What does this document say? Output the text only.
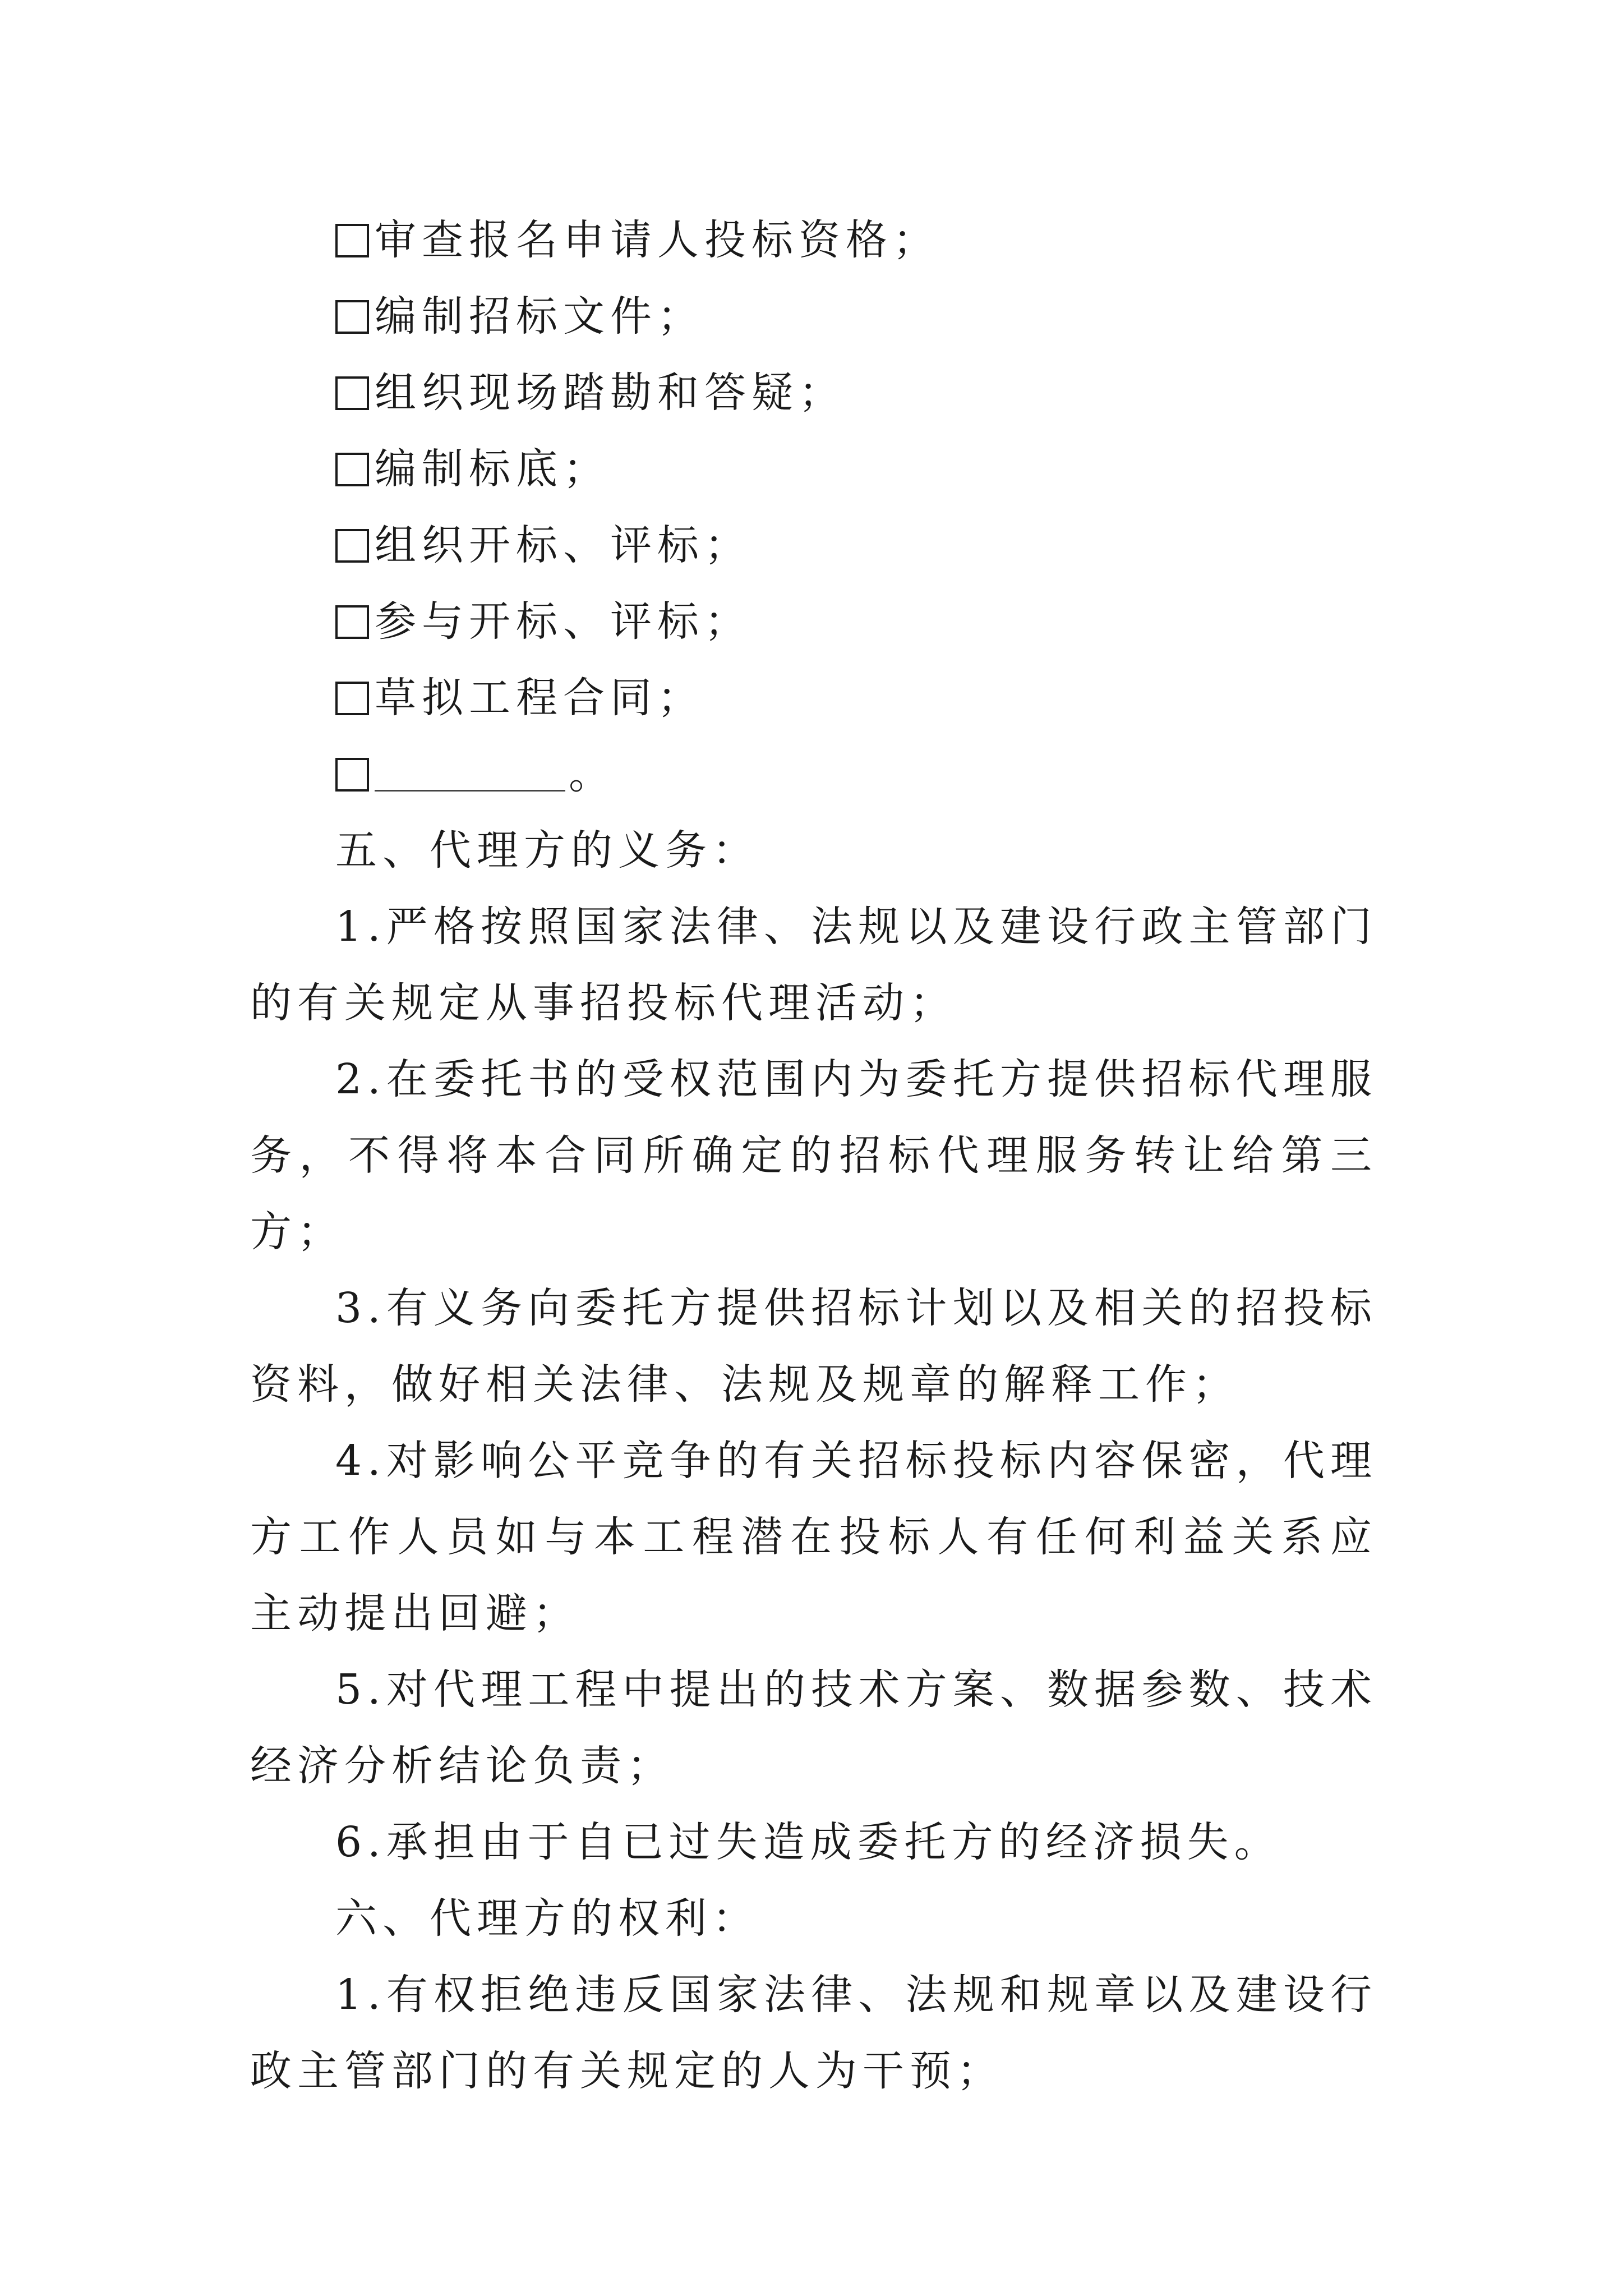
审查报名申请人投标资格；

编制招标文件；

组织现场踏勘和答疑；

编制标底；

组织开标、评标；

参与开标、评标；

草拟工程合同；

。

五、代理方的义务：

1.严格按照国家法律、法规以及建设行政主管部门的有关规定从事招投标代理活动；

2.在委托书的受权范围内为委托方提供招标代理服务，不得将本合同所确定的招标代理服务转让给第三方；

3.有义务向委托方提供招标计划以及相关的招投标资料，做好相关法律、法规及规章的解释工作；

4.对影响公平竞争的有关招标投标内容保密，代理方工作人员如与本工程潜在投标人有任何利益关系应主动提出回避；

5.对代理工程中提出的技术方案、数据参数、技术经济分析结论负责；

6.承担由于自已过失造成委托方的经济损失。

六、代理方的权利：

1.有权拒绝违反国家法律、法规和规章以及建设行政主管部门的有关规定的人为干预；
